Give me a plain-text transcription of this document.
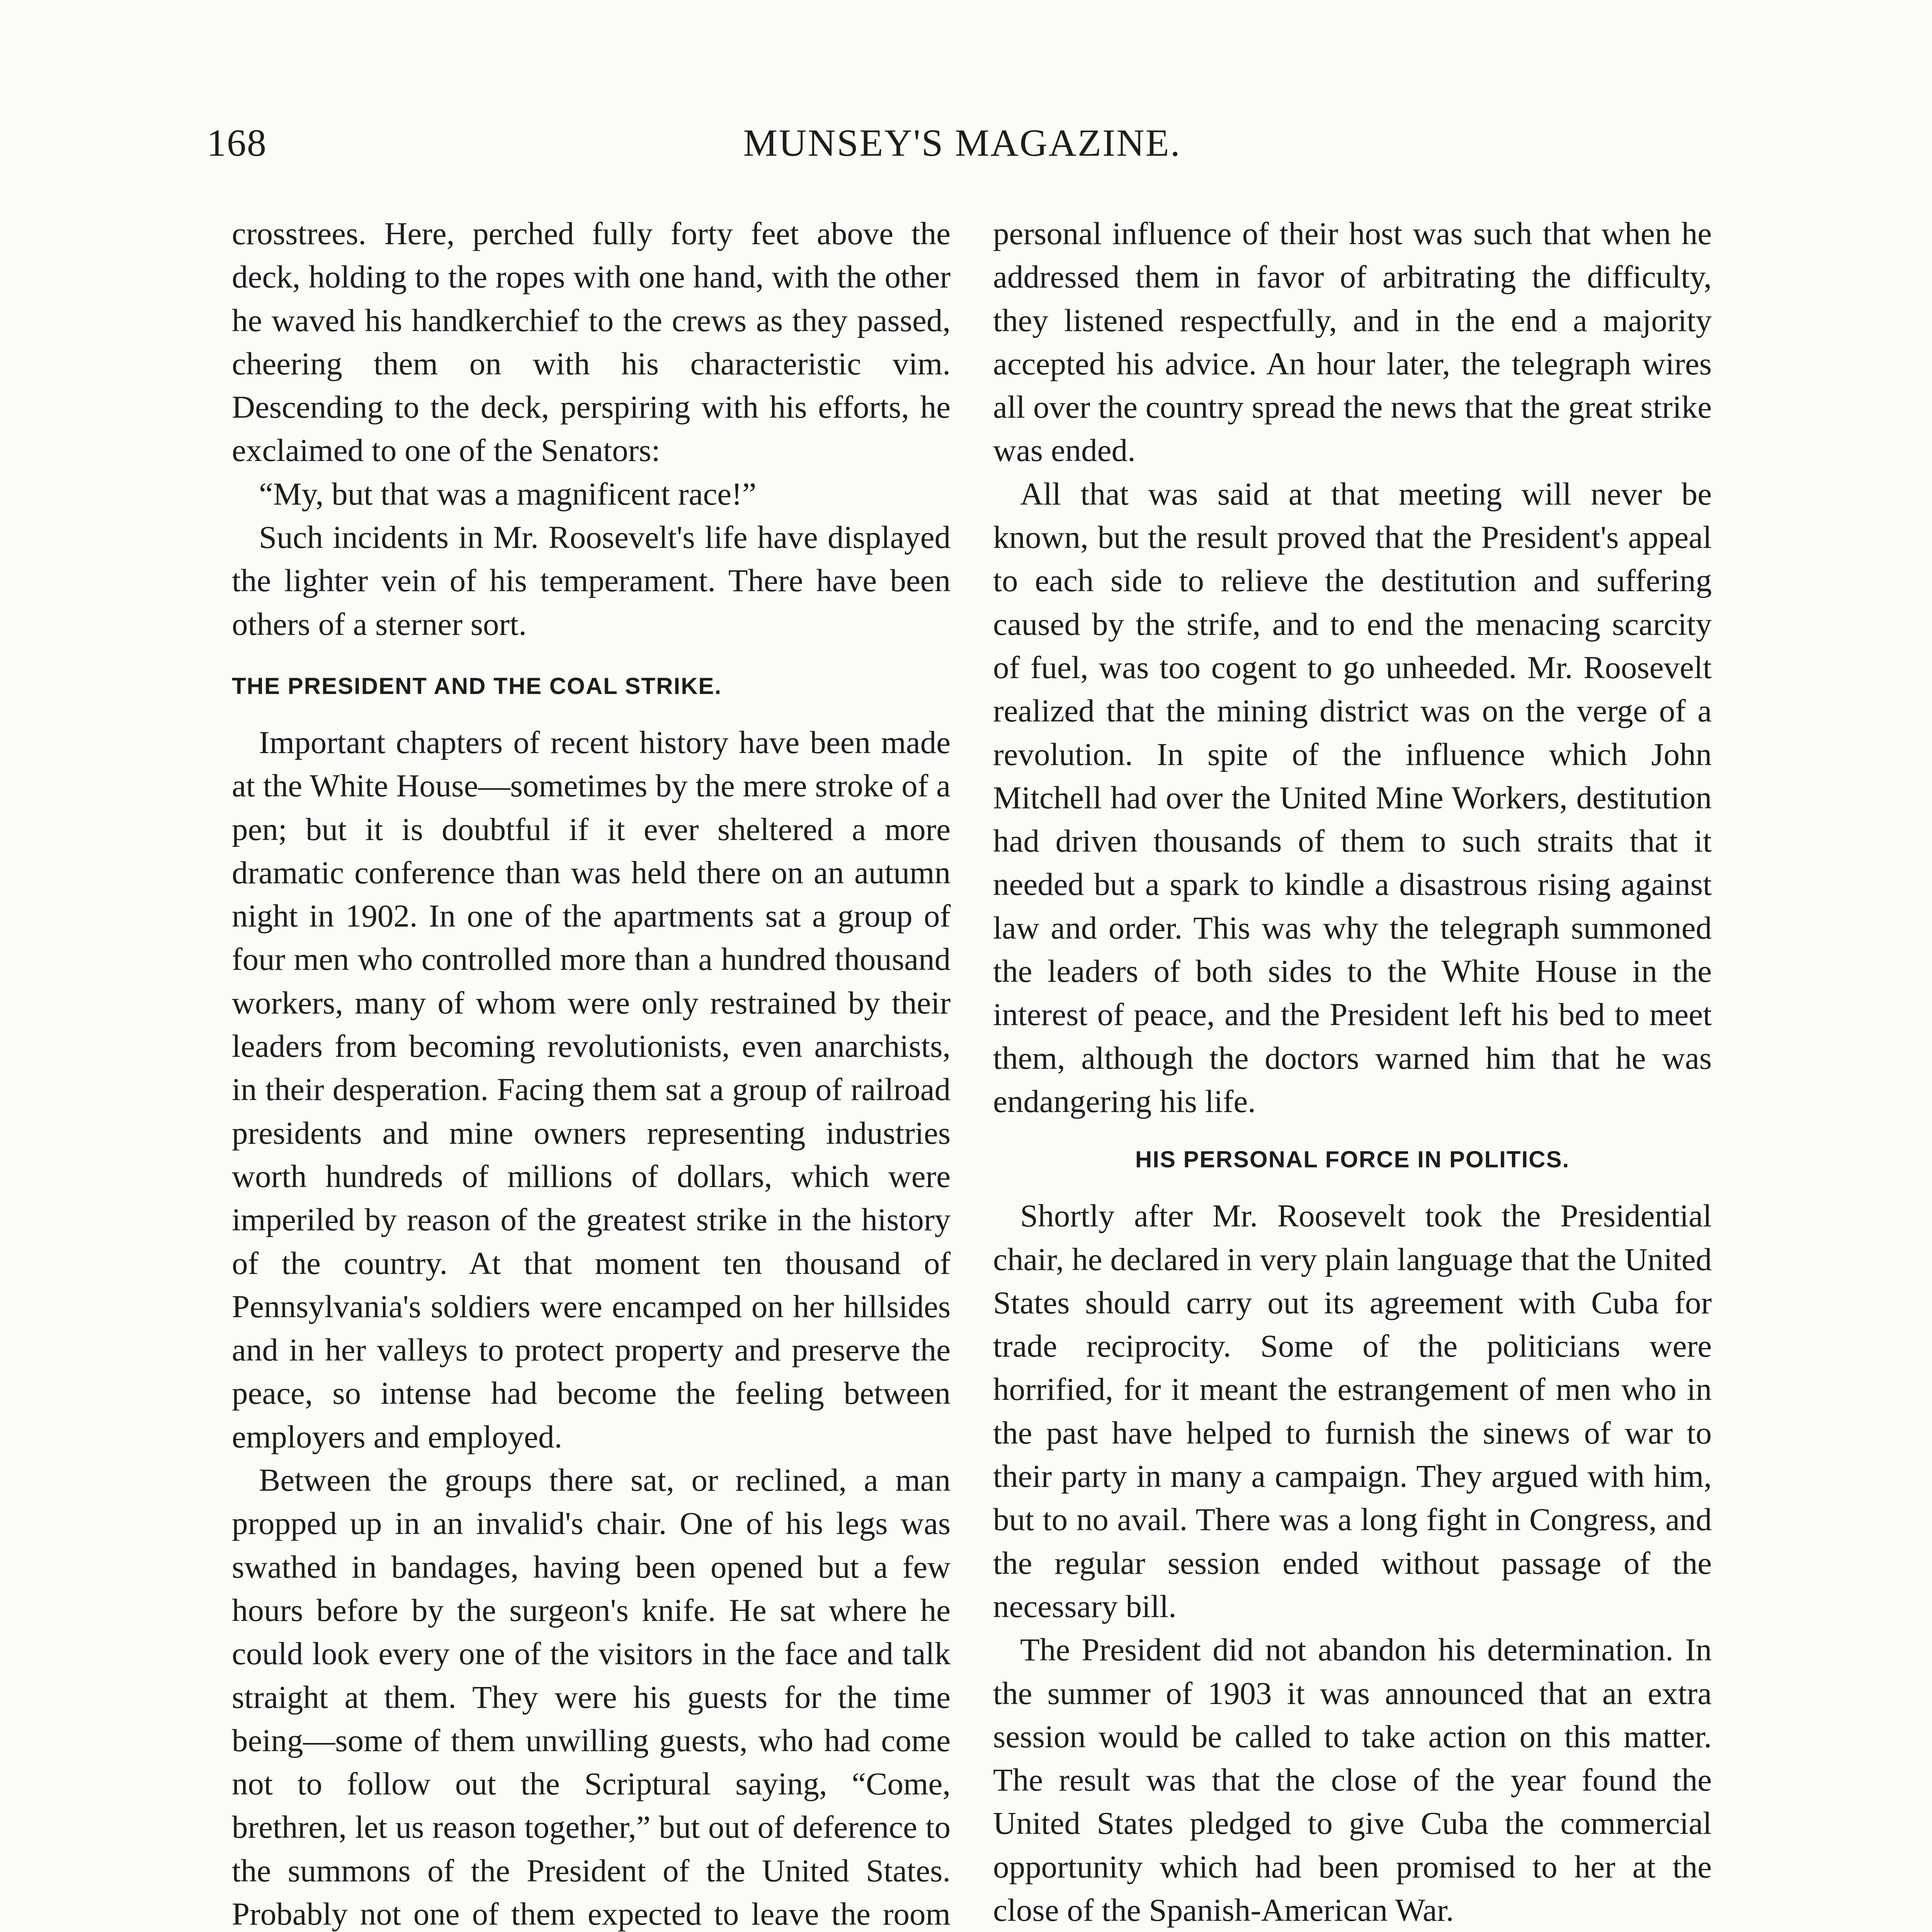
168	MUNSEY'S MAGAZINE.

crosstrees. Here, perched fully forty feet above the deck, holding to the ropes with one hand, with the other he waved his handkerchief to the crews as they passed, cheering them on with his characteristic vim. Descending to the deck, perspiring with his efforts, he exclaimed to one of the Senators:

“My, but that was a magnificent race!”

Such incidents in Mr. Roosevelt's life have displayed the lighter vein of his temperament. There have been others of a sterner sort.

THE PRESIDENT AND THE COAL STRIKE.

Important chapters of recent history have been made at the White House—sometimes by the mere stroke of a pen; but it is doubtful if it ever sheltered a more dramatic conference than was held there on an autumn night in 1902. In one of the apartments sat a group of four men who controlled more than a hundred thousand workers, many of whom were only restrained by their leaders from becoming revolutionists, even anarchists, in their desperation. Facing them sat a group of railroad presidents and mine owners representing industries worth hundreds of millions of dollars, which were imperiled by reason of the greatest strike in the history of the country. At that moment ten thousand of Pennsylvania's soldiers were encamped on her hillsides and in her valleys to protect property and preserve the peace, so intense had become the feeling between employers and employed.

Between the groups there sat, or reclined, a man propped up in an invalid's chair. One of his legs was swathed in bandages, having been opened but a few hours before by the surgeon's knife. He sat where he could look every one of the visitors in the face and talk straight at them. They were his guests for the time being—some of them unwilling guests, who had come not to follow out the Scriptural saying, “Come, brethren, let us reason together,” but out of deference to the summons of the President of the United States. Probably not one of them expected to leave the room

personal influence of their host was such that when he addressed them in favor of arbitrating the difficulty, they listened respectfully, and in the end a majority accepted his advice. An hour later, the telegraph wires all over the country spread the news that the great strike was ended.

All that was said at that meeting will never be known, but the result proved that the President's appeal to each side to relieve the destitution and suffering caused by the strife, and to end the menacing scarcity of fuel, was too cogent to go unheeded. Mr. Roosevelt realized that the mining district was on the verge of a revolution. In spite of the influence which John Mitchell had over the United Mine Workers, destitution had driven thousands of them to such straits that it needed but a spark to kindle a disastrous rising against law and order. This was why the telegraph summoned the leaders of both sides to the White House in the interest of peace, and the President left his bed to meet them, although the doctors warned him that he was endangering his life.

HIS PERSONAL FORCE IN POLITICS.

Shortly after Mr. Roosevelt took the Presidential chair, he declared in very plain language that the United States should carry out its agreement with Cuba for trade reciprocity. Some of the politicians were horrified, for it meant the estrangement of men who in the past have helped to furnish the sinews of war to their party in many a campaign. They argued with him, but to no avail. There was a long fight in Congress, and the regular session ended without passage of the necessary bill.

The President did not abandon his determination. In the summer of 1903 it was announced that an extra session would be called to take action on this matter. The result was that the close of the year found the United States pledged to give Cuba the commercial opportunity which had been promised to her at the close of the Spanish-American War.
